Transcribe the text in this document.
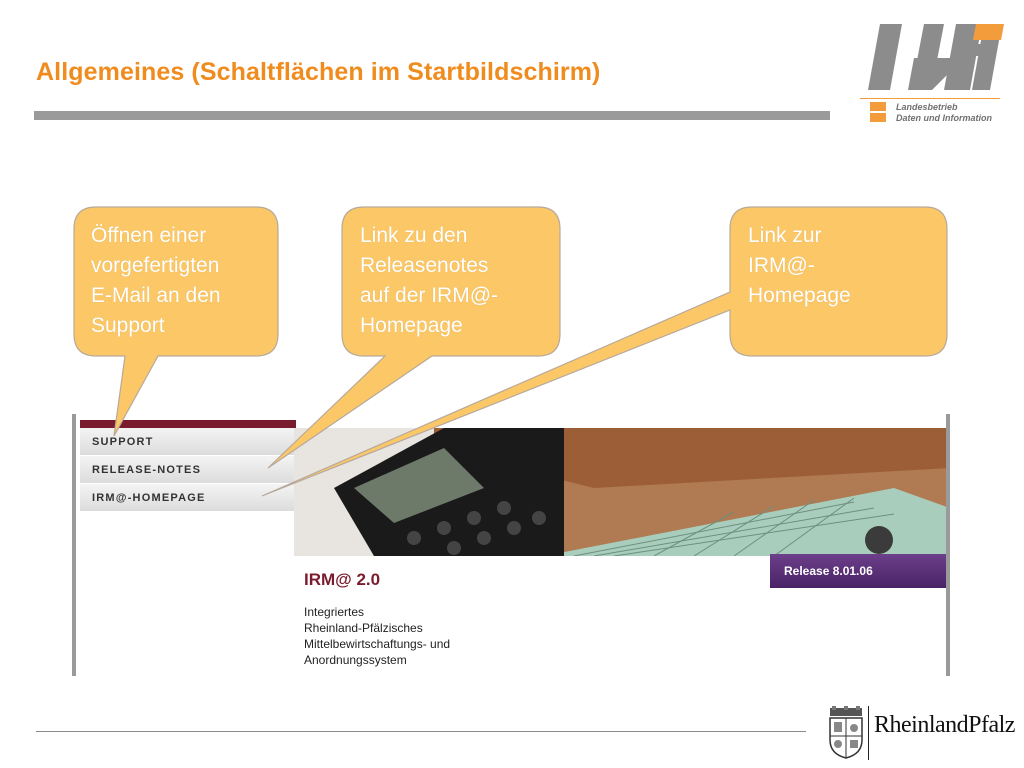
Allgemeines (Schaltflächen im Startbildschirm)
Landesbetrieb
Daten und Information
SUPPORT
RELEASE-NOTES
IRM@-HOMEPAGE
Release 8.01.06
IRM@ 2.0
Integriertes
Rheinland-Pfälzisches
Mittelbewirtschaftungs- und
Anordnungssystem
Öffnen einer
vorgefertigten
E-Mail an den
Support
Link zu den
Releasenotes
auf der IRM@-
Homepage
Link zur
IRM@-
Homepage
RheinlandPfalz
